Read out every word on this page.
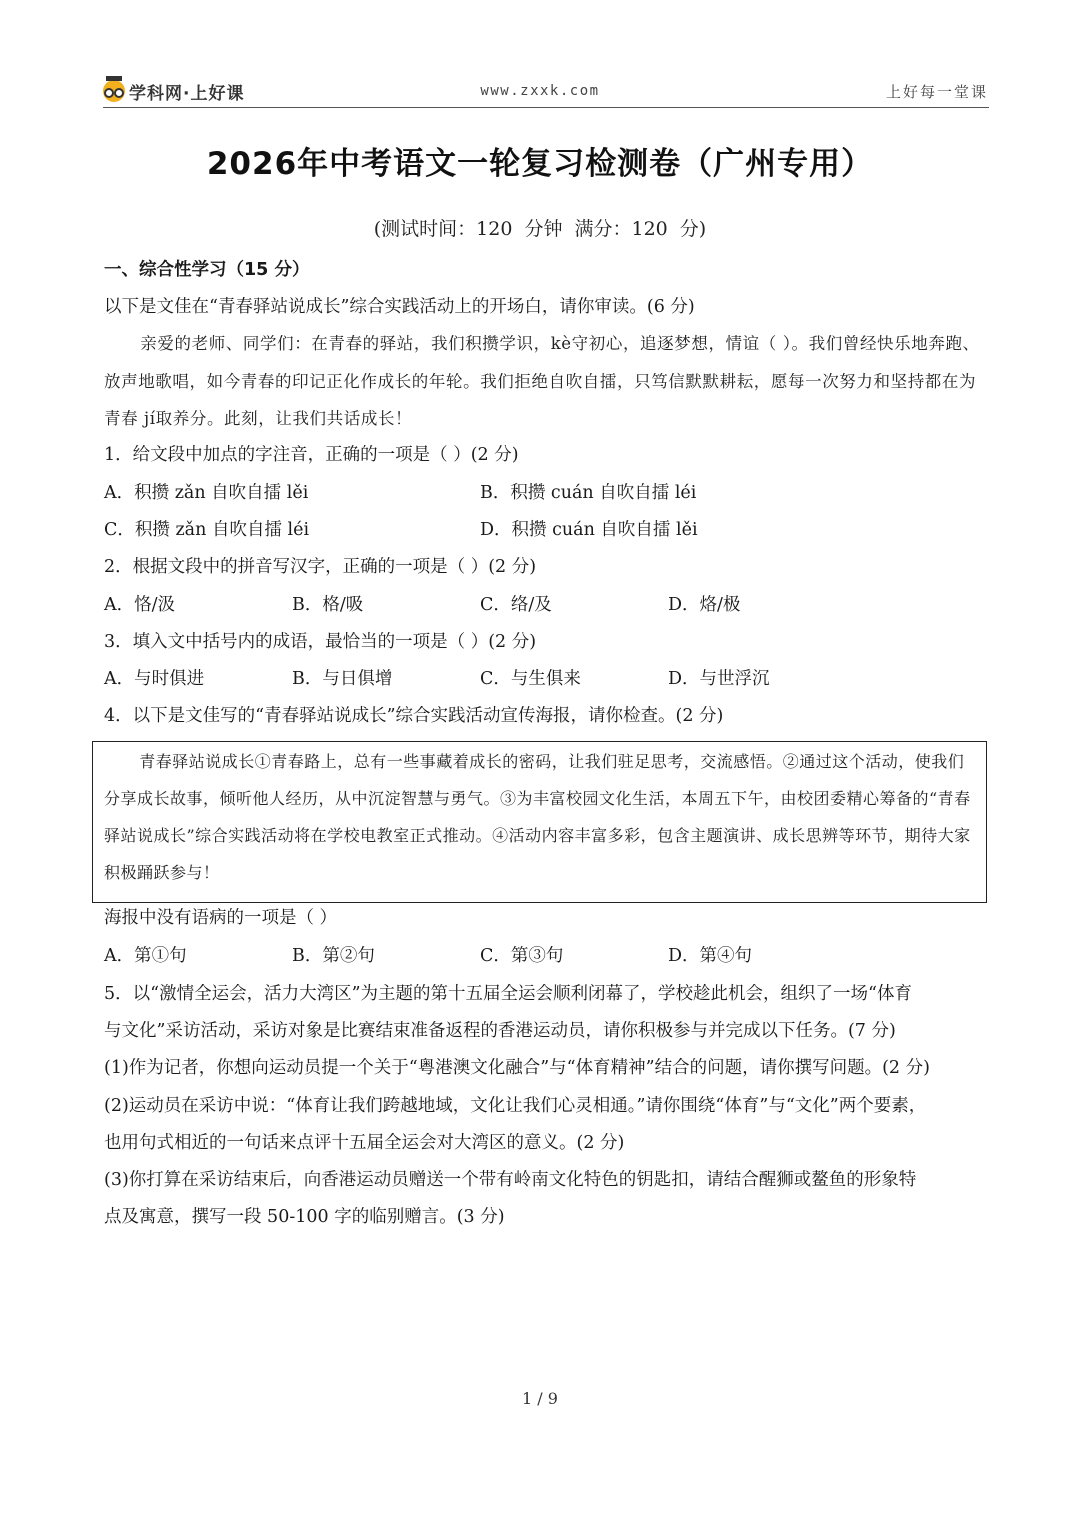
学科网·上好课	www.zxxk.com	上好每一堂课
2026年中考语文一轮复习检测卷（广州专用）
(测试时间：120 分钟 满分：120 分)
一、综合性学习（15 分）
以下是文佳在“青春驿站说成长”综合实践活动上的开场白，请你审读。(6 分)
亲爱的老师、同学们：在青春的驿站，我们积攒学识，kè守初心，追逐梦想，情谊（ ）。我们曾经快乐地奔跑、放声地歌唱，如今青春的印记正化作成长的年轮。我们拒绝自吹自擂，只笃信默默耕耘，愿每一次努力和坚持都在为青春 jí取养分。此刻，让我们共话成长！
1．给文段中加点的字注音，正确的一项是（ ）(2 分)
A．积攒 zǎn 自吹自擂 lěi	B．积攒 cuán 自吹自擂 léi
C．积攒 zǎn 自吹自擂 léi	D．积攒 cuán 自吹自擂 lěi
2．根据文段中的拼音写汉字，正确的一项是（ ）(2 分)
A．恪/汲	B．格/吸	C．络/及	D．烙/极
3．填入文中括号内的成语，最恰当的一项是（ ）(2 分)
A．与时俱进	B．与日俱增	C．与生俱来	D．与世浮沉
4．以下是文佳写的“青春驿站说成长”综合实践活动宣传海报，请你检查。(2 分)
青春驿站说成长①青春路上，总有一些事藏着成长的密码，让我们驻足思考，交流感悟。②通过这个活动，使我们分享成长故事，倾听他人经历，从中沉淀智慧与勇气。③为丰富校园文化生活，本周五下午，由校团委精心筹备的“青春驿站说成长”综合实践活动将在学校电教室正式推动。④活动内容丰富多彩，包含主题演讲、成长思辨等环节，期待大家积极踊跃参与！
海报中没有语病的一项是（ ）
A．第①句	B．第②句	C．第③句	D．第④句
5．以“激情全运会，活力大湾区”为主题的第十五届全运会顺利闭幕了，学校趁此机会，组织了一场“体育
与文化”采访活动，采访对象是比赛结束准备返程的香港运动员，请你积极参与并完成以下任务。(7 分)
(1)作为记者，你想向运动员提一个关于“粤港澳文化融合”与“体育精神”结合的问题，请你撰写问题。(2 分)
(2)运动员在采访中说：“体育让我们跨越地域，文化让我们心灵相通。”请你围绕“体育”与“文化”两个要素，
也用句式相近的一句话来点评十五届全运会对大湾区的意义。(2 分)
(3)你打算在采访结束后，向香港运动员赠送一个带有岭南文化特色的钥匙扣，请结合醒狮或鳌鱼的形象特
点及寓意，撰写一段 50-100 字的临别赠言。(3 分)
1 / 9
